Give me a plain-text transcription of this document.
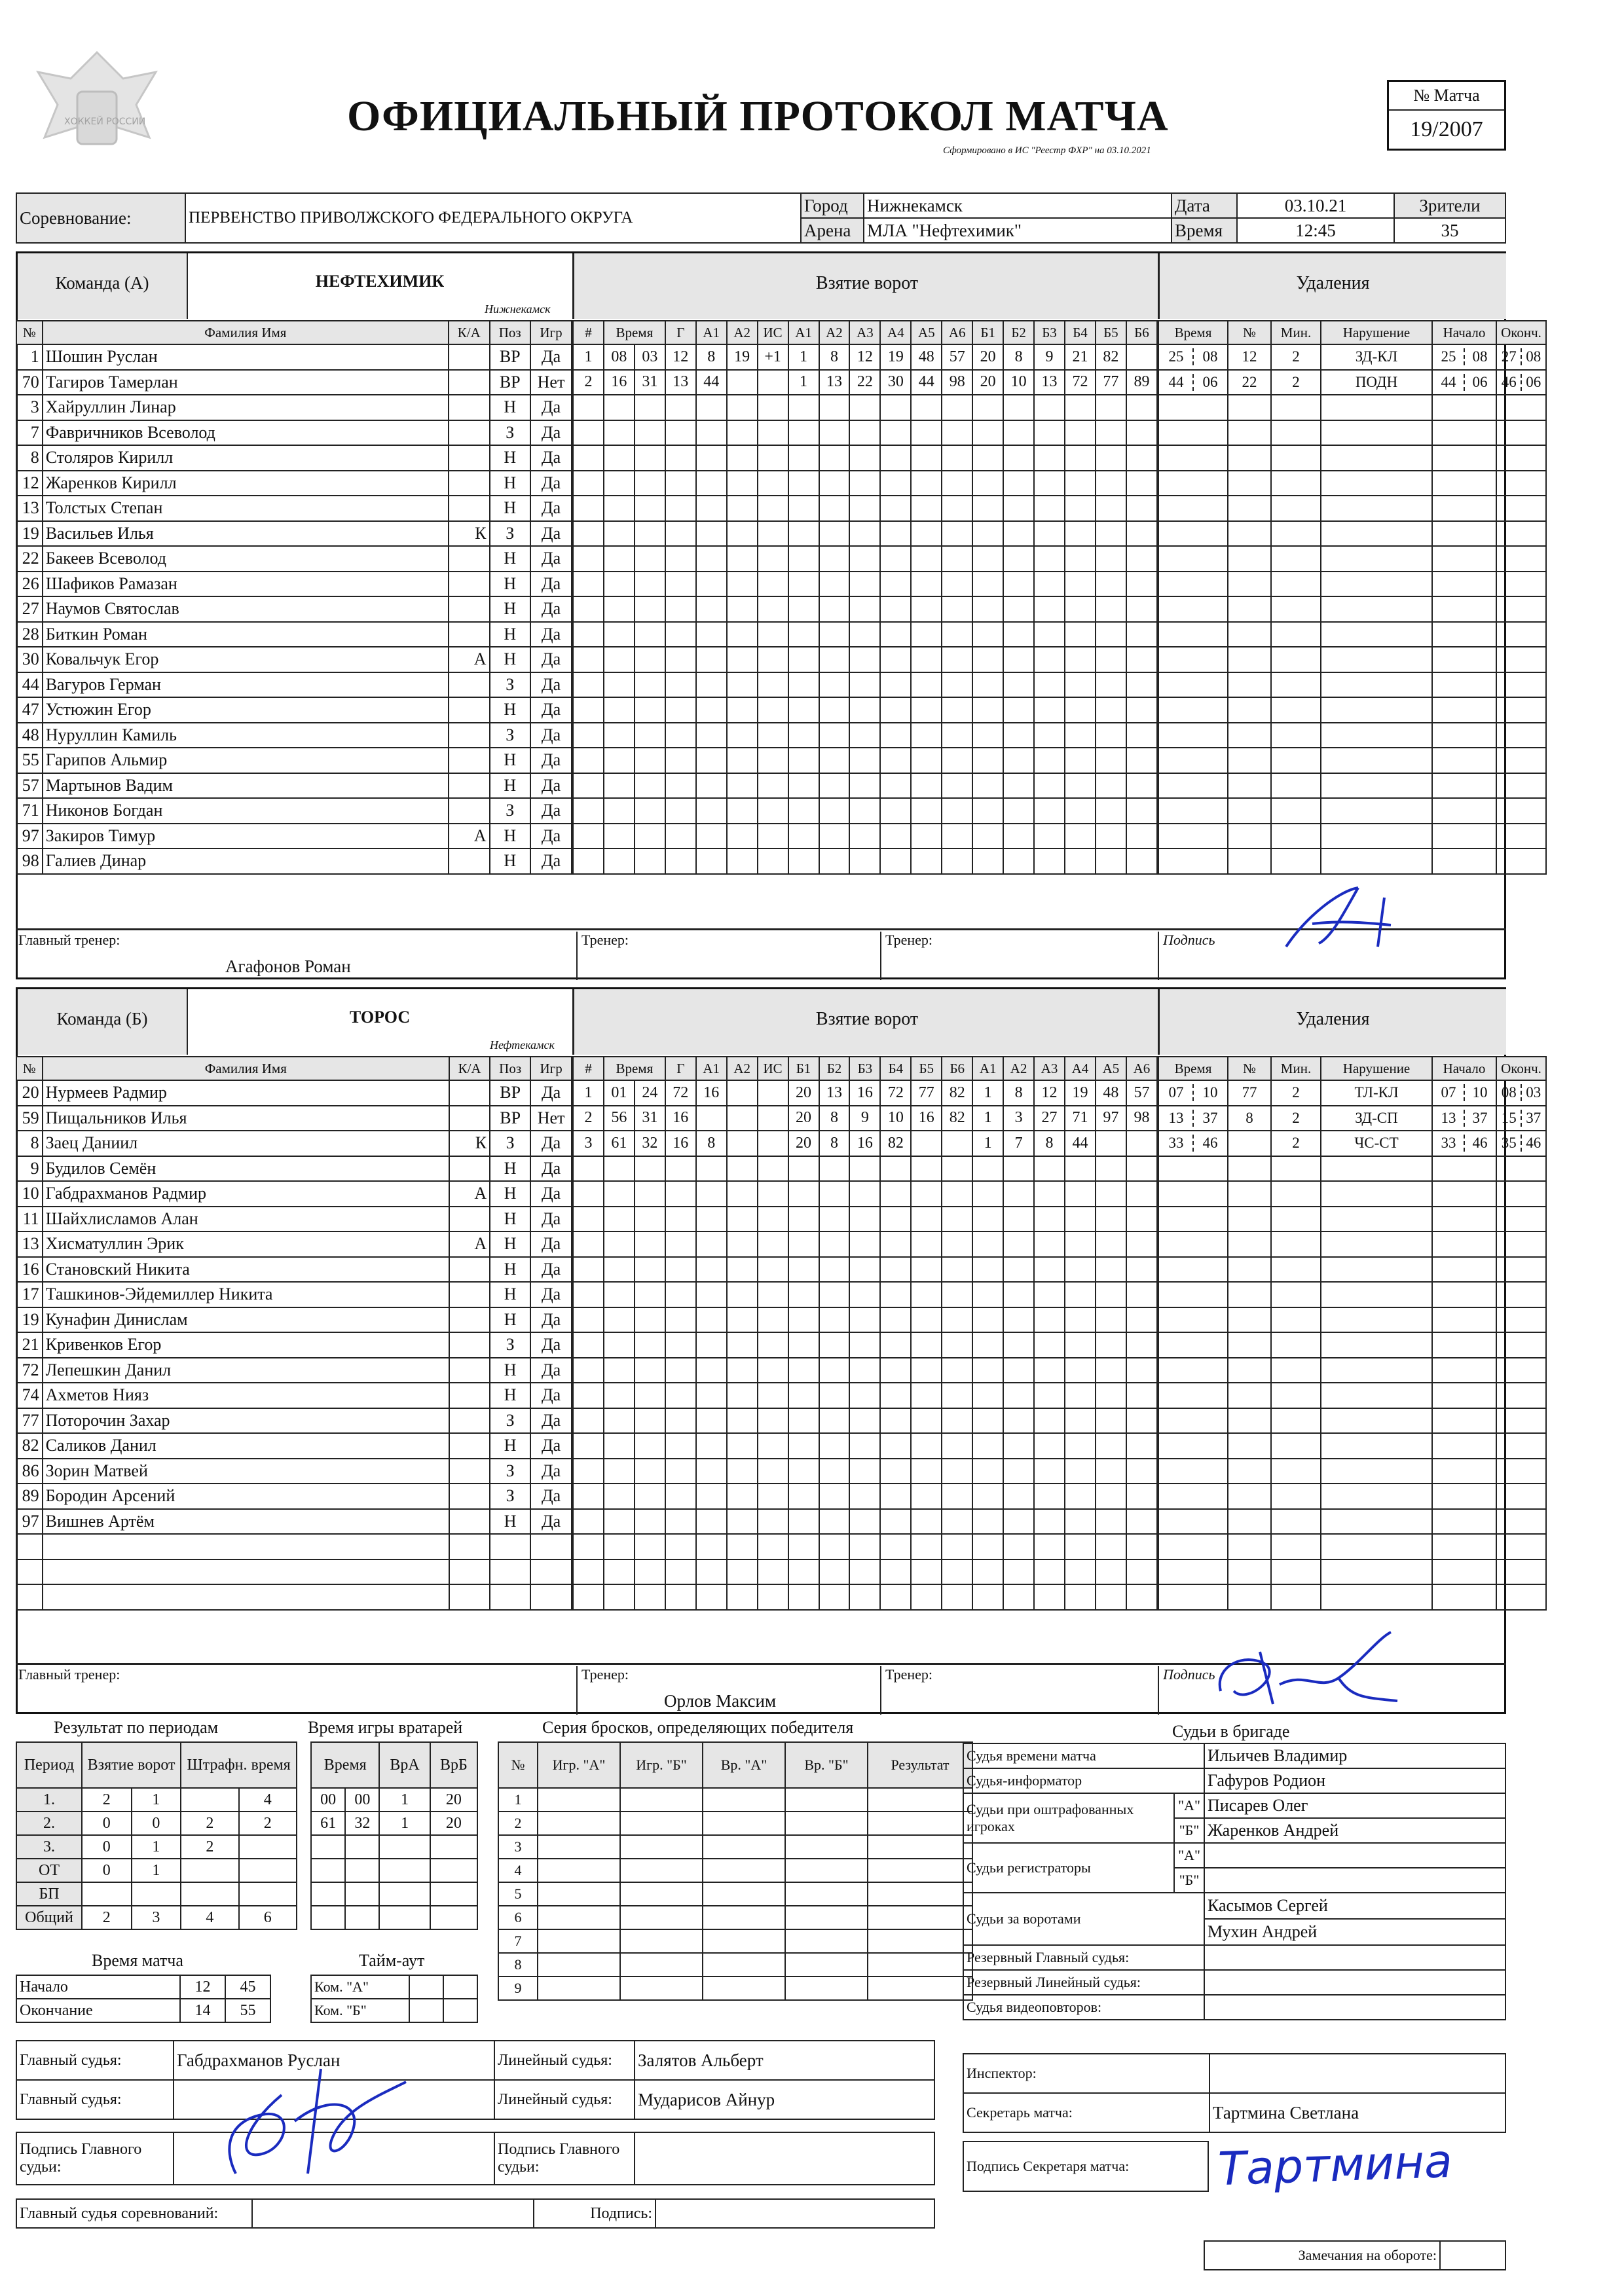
ХОККЕЙ РОССИИ	ОФИЦИАЛЬНЫЙ ПРОТОКОЛ МАТЧА
Сформировано в ИС "Реестр ФХР" на 03.10.2021
№ Матча
19/2007
Соревнование:	ПЕРВЕНСТВО ПРИВОЛЖСКОГО ФЕДЕРАЛЬНОГО ОКРУГА	Город	Нижнекамск	Дата	03.10.21	Зрители
		Арена	МЛА "Нефтехимик"	Время	12:45	35
Команда (А)	НЕФТЕХИМИК
Нижнекамск
Взятие ворот	Удаления
№	Фамилия Имя	К/А	Поз	Игр
1	Шошин Руслан		ВР	Да
70	Тагиров Тамерлан		ВР	Нет
3	Хайруллин Линар		Н	Да
7	Фавричников Всеволод		З	Да
8	Столяров Кирилл		Н	Да
12	Жаренков Кирилл		Н	Да
13	Толстых Степан		Н	Да
19	Васильев Илья	К	З	Да
22	Бакеев Всеволод		Н	Да
26	Шафиков Рамазан		Н	Да
27	Наумов Святослав		Н	Да
28	Биткин Роман		Н	Да
30	Ковальчук Егор	А	Н	Да
44	Вагуров Герман		З	Да
47	Устюжин Егор		Н	Да
48	Нуруллин Камиль		З	Да
55	Гарипов Альмир		Н	Да
57	Мартынов Вадим		Н	Да
71	Никонов Богдан		З	Да
97	Закиров Тимур	А	Н	Да
98	Галиев Динар		Н	Да
#	Время		Г	А1	А2	ИС	А1	А2	А3	А4	А5	А6	Б1	Б2	Б3	Б4	Б5	Б6
1	08	03	12	8	19	+1	1	8	12	19	48	57	20	8	9	21	82	
2	16	31	13	44			1	13	22	30	44	98	20	10	13	72	77	89

Время	№	Мин.	Нарушение	Начало	Оконч.
25 08	12	2	ЗД-КЛ	25 08	27 08
44 06	22	2	ПОДН	44 06	46 06

Главный тренер:
Агафонов Роман
Тренер:	Тренер:	Подпись
Команда (Б)	ТОРОС
Нефтекамск
Взятие ворот	Удаления
№	Фамилия Имя	К/А	Поз	Игр
20	Нурмеев Радмир		ВР	Да
59	Пищальников Илья		ВР	Нет
8	Заец Даниил	К	З	Да
9	Будилов Семён		Н	Да
10	Габдрахманов Радмир	А	Н	Да
11	Шайхлисламов Алан		Н	Да
13	Хисматуллин Эрик	А	Н	Да
16	Становский Никита		Н	Да
17	Ташкинов-Эйдемиллер Никита		Н	Да
19	Кунафин Динислам		Н	Да
21	Кривенков Егор		З	Да
72	Лепешкин Данил		Н	Да
74	Ахметов Нияз		Н	Да
77	Поторочин Захар		З	Да
82	Саликов Данил		Н	Да
86	Зорин Матвей		З	Да
89	Бородин Арсений		З	Да
97	Вишнев Артём		Н	Да

#	Время		Г	А1	А2	ИС	Б1	Б2	Б3	Б4	Б5	Б6	А1	А2	А3	А4	А5	А6
1	01	24	72	16			20	13	16	72	77	82	1	8	12	19	48	57
2	56	31	16				20	8	9	10	16	82	1	3	27	71	97	98
3	61	32	16	8			20	8	16	82			1	7	8	44		

Время	№	Мин.	Нарушение	Начало	Оконч.
07 10	77	2	ТЛ-КЛ	07 10	08 03
13 37	8	2	ЗД-СП	13 37	15 37
33 46		2	ЧС-СТ	33 46	35 46

Главный тренер:	Тренер:
Орлов Максим
Тренер:	Подпись
Результат по периодам
Период	Взятие ворот		Штрафн. время	
1.	2	1		4
2.	0	0	2	2
3.	0	1	2	
ОТ	0	1		
БП				
Общий	2	3	4	6
Время игры вратарей
Время		ВрА	ВрБ
00	00	1	20
61	32	1	20

Время матча
Начало	12	45
Окончание	14	55
Тайм-аут
Ком. "А"		
Ком. "Б"		
Серия бросков, определяющих победителя
№	Игр. "А"	Игр. "Б"	Вр. "А"	Вр. "Б"	Результат
1					
2					
3					
4					
5					
6					
7					
8					
9					
Судьи в бригаде
Судья времени матча		Ильичев Владимир
Судья-информатор		Гафуров Родион
Судьи при оштрафованных игроках	"А"	Писарев Олег
	"Б"	Жаренков Андрей
Судьи регистраторы	"А"	
	"Б"	
Судьи за воротами		Касымов Сергей
		Мухин Андрей
Резервный Главный судья:		
Резервный Линейный судья:		
Судья видеоповторов:		
Главный судья:	Габдрахманов Руслан	Линейный судья:	Залятов Альберт
Главный судья:		Линейный судья:	Мударисов Айнур
Подпись Главного судьи:		Подпись Главного судьи:	
Главный судья соревнований:		Подпись:	
Инспектор:	
Секретарь матча:	Тартмина Светлана
Подпись Секретаря матча: Тартмина
Замечания на обороте:	
